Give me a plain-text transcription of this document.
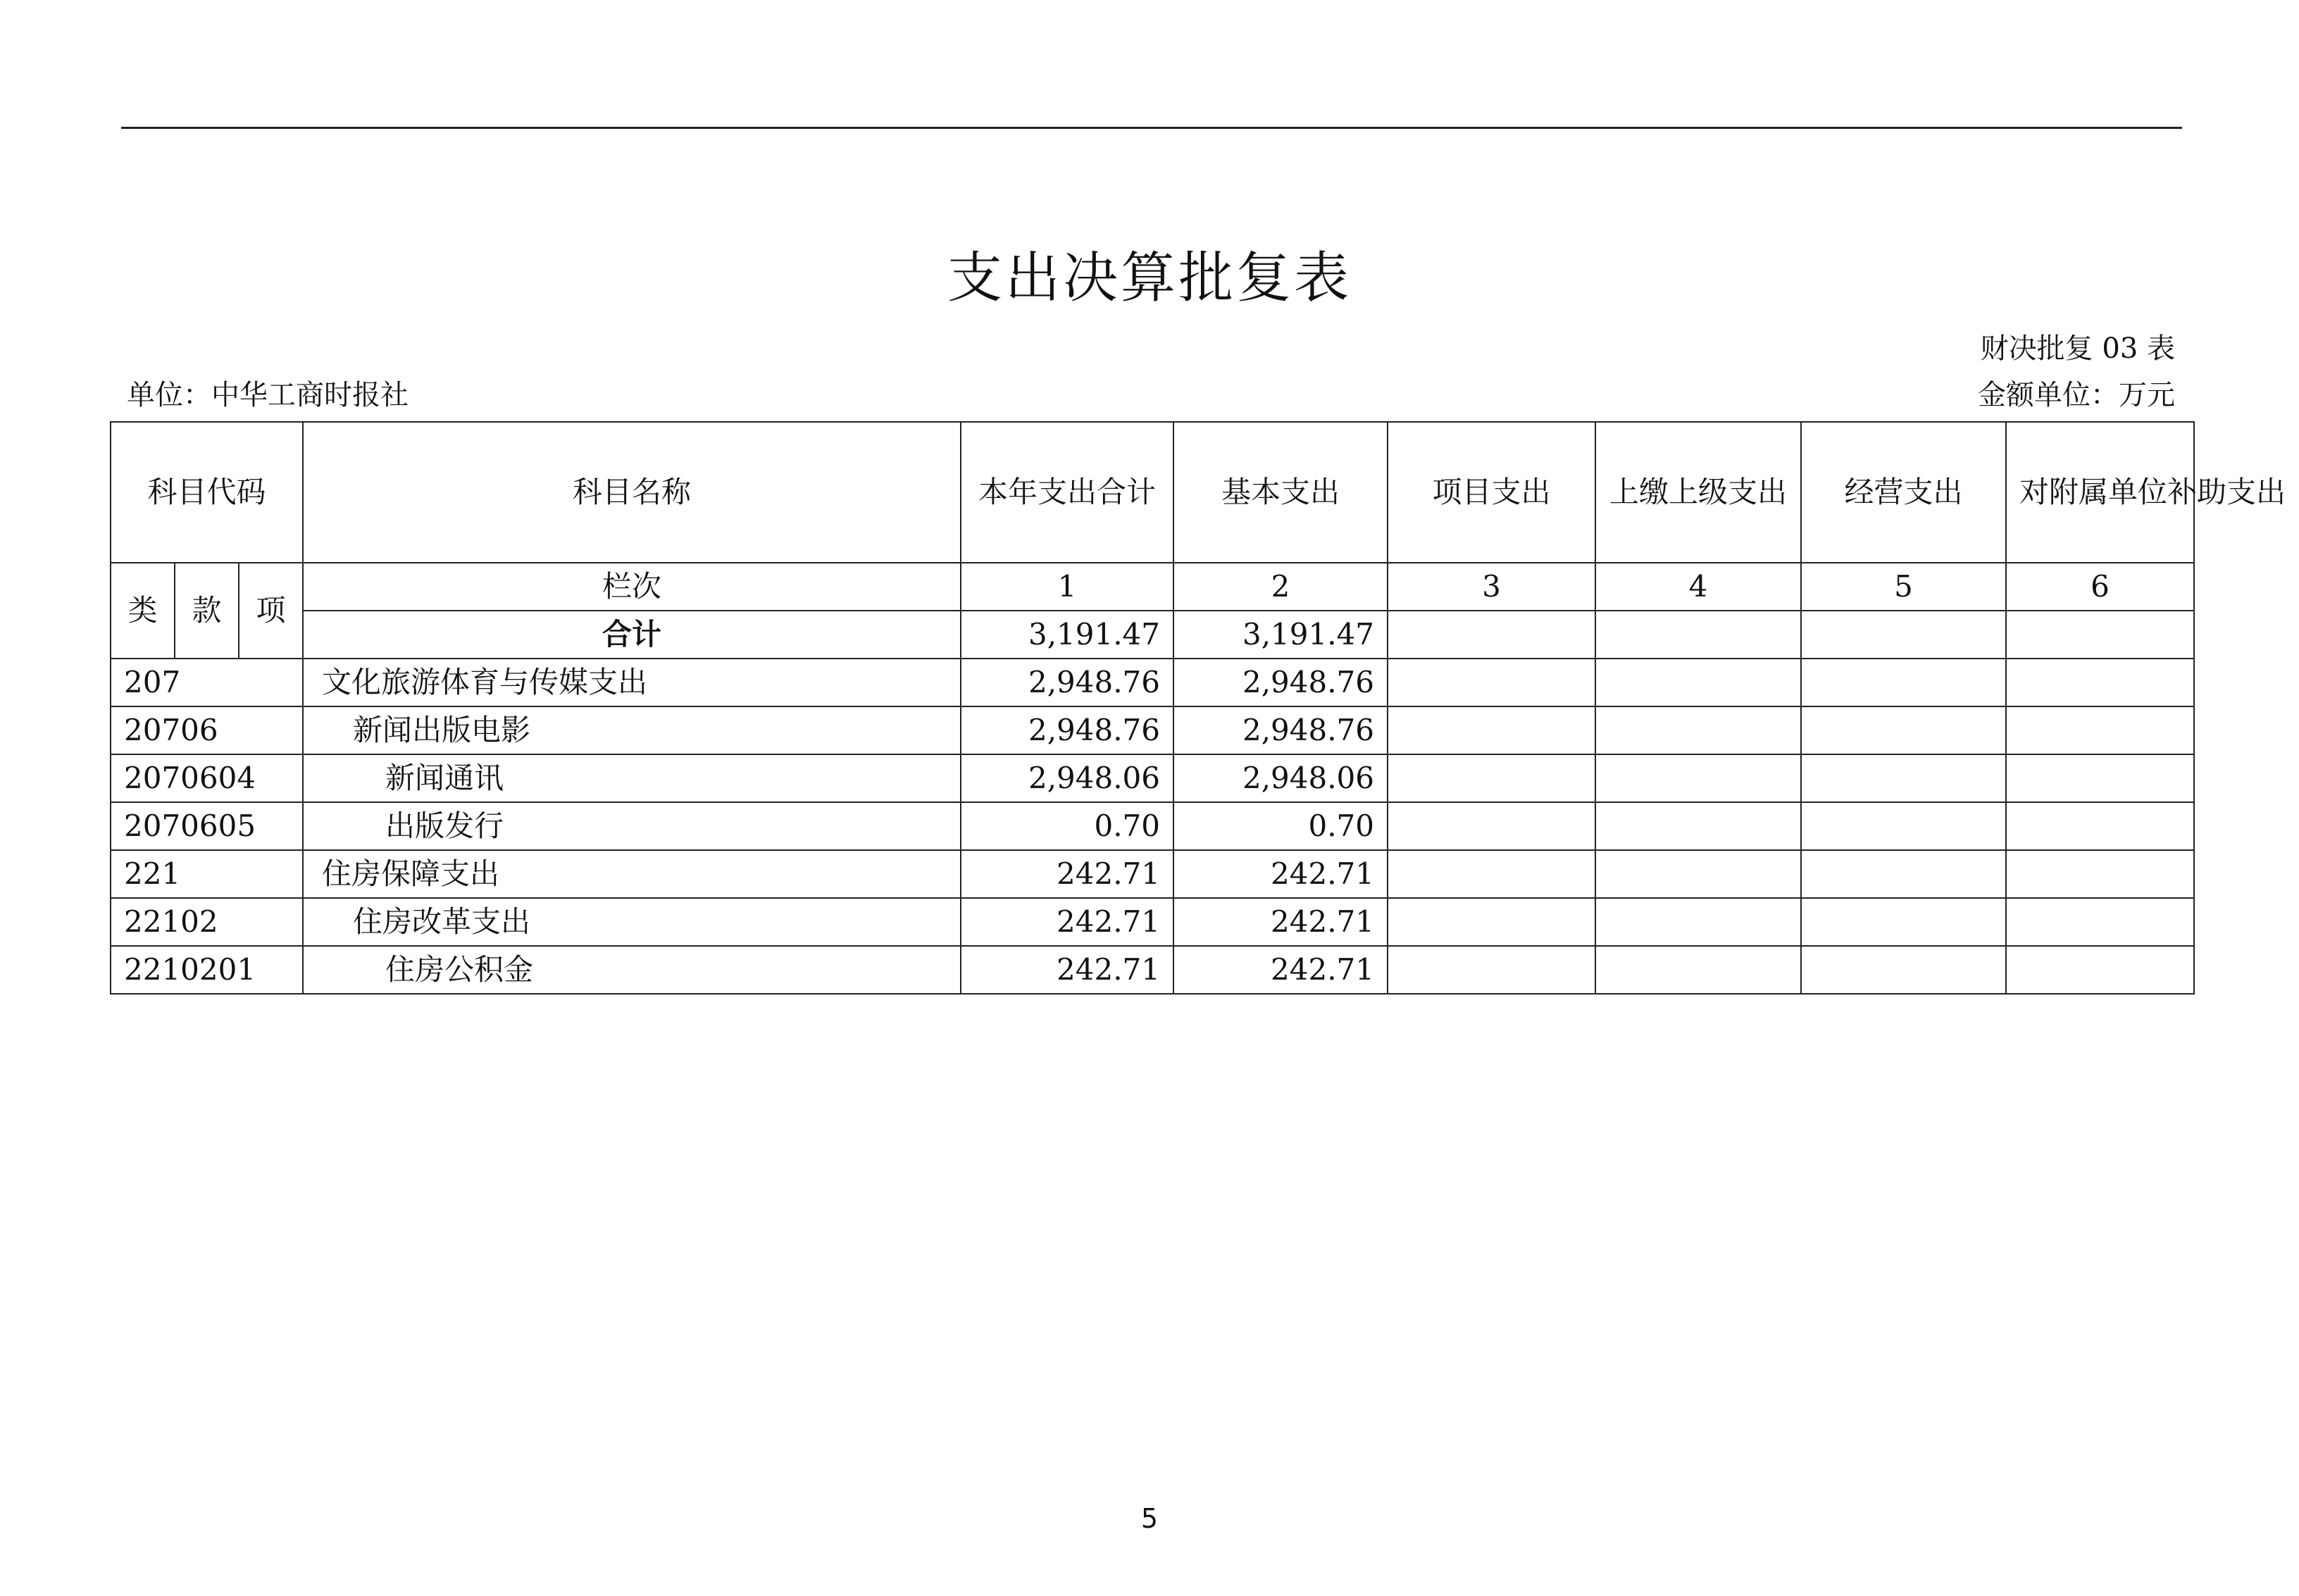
支出决算批复表
财决批复 03 表
单位：中华工商时报社	金额单位：万元
科目代码			科目名称	本年支出合计	基本支出	项目支出	上缴上级支出	经营支出	对附属单位补助支出
类	款	项	栏次	1	2	3	4	5	6
			合计	3,191.47	3,191.47				
207			文化旅游体育与传媒支出	2,948.76	2,948.76				
20706			新闻出版电影	2,948.76	2,948.76				
2070604			新闻通讯	2,948.06	2,948.06				
2070605			出版发行	0.70	0.70				
221			住房保障支出	242.71	242.71				
22102			住房改革支出	242.71	242.71				
2210201			住房公积金	242.71	242.71				
5
